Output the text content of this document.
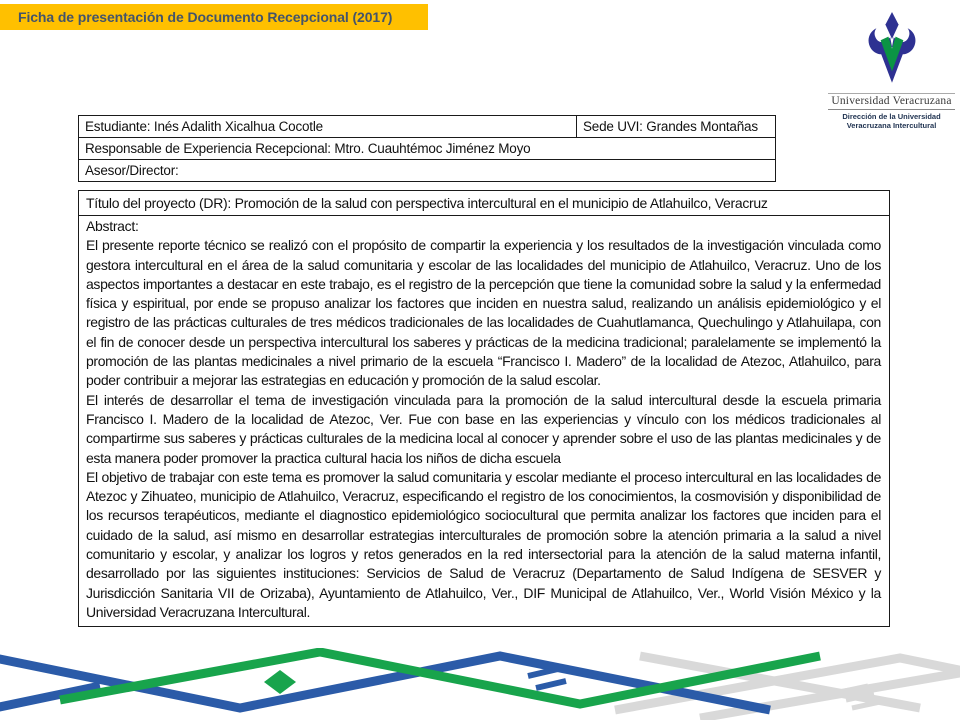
Ficha de presentación de Documento Recepcional (2017)
Universidad Veracruzana
Dirección de la Universidad
Veracruzana Intercultural
Estudiante: Inés Adalith Xicalhua Cocotle	Sede UVI: Grandes Montañas
Responsable de Experiencia Recepcional: Mtro. Cuauhtémoc Jiménez Moyo
Asesor/Director:
Título del proyecto (DR): Promoción de la salud con perspectiva intercultural en el municipio de Atlahuilco, Veracruz

Abstract:

El presente reporte técnico se realizó con el propósito de compartir la experiencia y los resultados de la investigación vinculada como gestora intercultural en el área de la salud comunitaria y escolar de las localidades del municipio de Atlahuilco, Veracruz. Uno de los aspectos importantes a destacar en este trabajo, es el registro de la percepción que tiene la comunidad sobre la salud y la enfermedad física y espiritual, por ende se propuso analizar los factores que inciden en nuestra salud, realizando un análisis epidemiológico y el registro de las prácticas culturales de tres médicos tradicionales de las localidades de Cuahutlamanca, Quechulingo y Atlahuilapa, con el fin de conocer desde un perspectiva intercultural los saberes y prácticas de la medicina tradicional; paralelamente se implementó la promoción de las plantas medicinales a nivel primario de la escuela “Francisco I. Madero” de la localidad de Atezoc, Atlahuilco, para poder contribuir a mejorar las estrategias en educación y promoción de la salud escolar.

El interés de desarrollar el tema de investigación vinculada para la promoción de la salud intercultural desde la escuela primaria Francisco I. Madero de la localidad de Atezoc, Ver. Fue con base en las experiencias y vínculo con los médicos tradicionales al compartirme sus saberes y prácticas culturales de la medicina local al conocer y aprender sobre el uso de las plantas medicinales y de esta manera poder promover la practica cultural hacia los niños de dicha escuela

El objetivo de trabajar con este tema es promover la salud comunitaria y escolar mediante el proceso intercultural en las localidades de Atezoc y Zihuateo, municipio de Atlahuilco, Veracruz, especificando el registro de los conocimientos, la cosmovisión y disponibilidad de los recursos terapéuticos, mediante el diagnostico epidemiológico sociocultural que permita analizar los factores que inciden para el cuidado de la salud, así mismo en desarrollar estrategias interculturales de promoción sobre la atención primaria a la salud a nivel comunitario y escolar, y analizar los logros y retos generados en la red intersectorial para la atención de la salud materna infantil, desarrollado por las siguientes instituciones: Servicios de Salud de Veracruz (Departamento de Salud Indígena de SESVER y Jurisdicción Sanitaria VII de Orizaba), Ayuntamiento de Atlahuilco, Ver., DIF Municipal de Atlahuilco, Ver., World Visión México y la Universidad Veracruzana Intercultural.
